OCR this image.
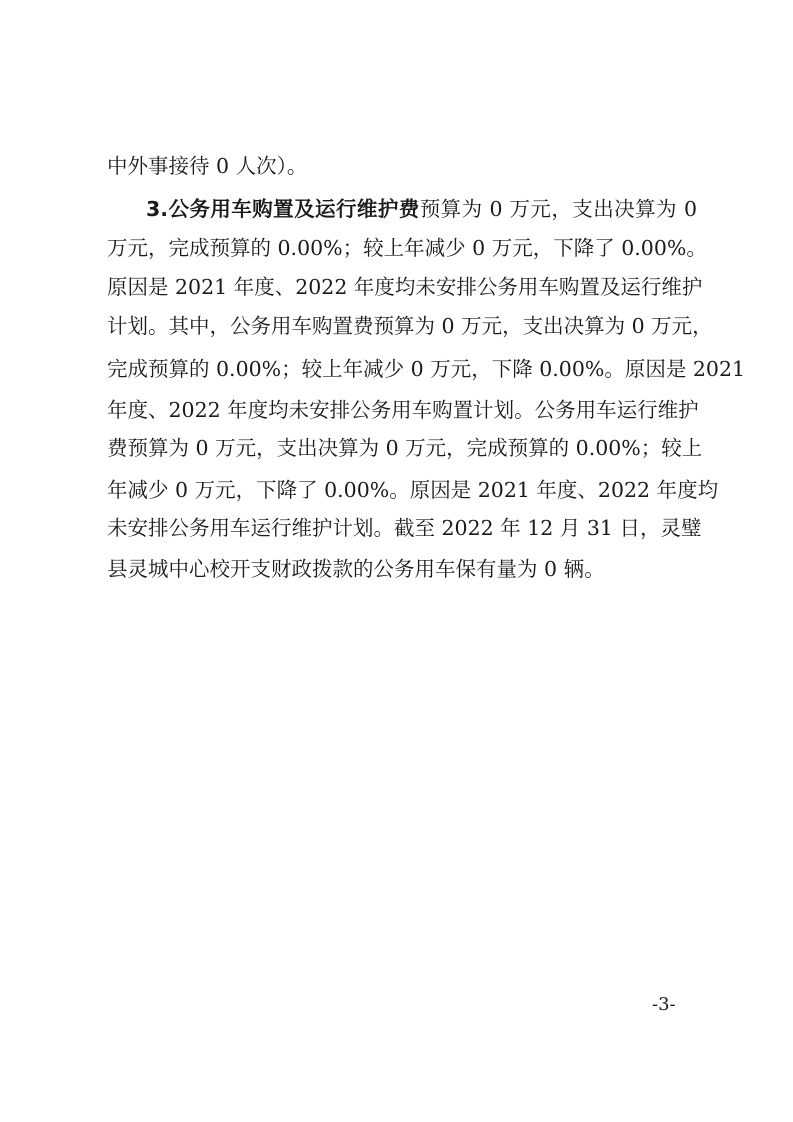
中外事接待 0 人次）。
3.公务用车购置及运行维护费预算为 0 万元，支出决算为 0
万元，完成预算的 0.00%；较上年减少 0 万元，下降了 0.00%。
原因是 2021 年度、2022 年度均未安排公务用车购置及运行维护
计划。其中，公务用车购置费预算为 0 万元，支出决算为 0 万元，
完成预算的 0.00%；较上年减少 0 万元，下降 0.00%。原因是 2021
年度、2022 年度均未安排公务用车购置计划。公务用车运行维护
费预算为 0 万元，支出决算为 0 万元，完成预算的 0.00%；较上
年减少 0 万元，下降了 0.00%。原因是 2021 年度、2022 年度均
未安排公务用车运行维护计划。截至 2022 年 12 月 31 日，灵璧
县灵城中心校开支财政拨款的公务用车保有量为 0 辆。
-3-
